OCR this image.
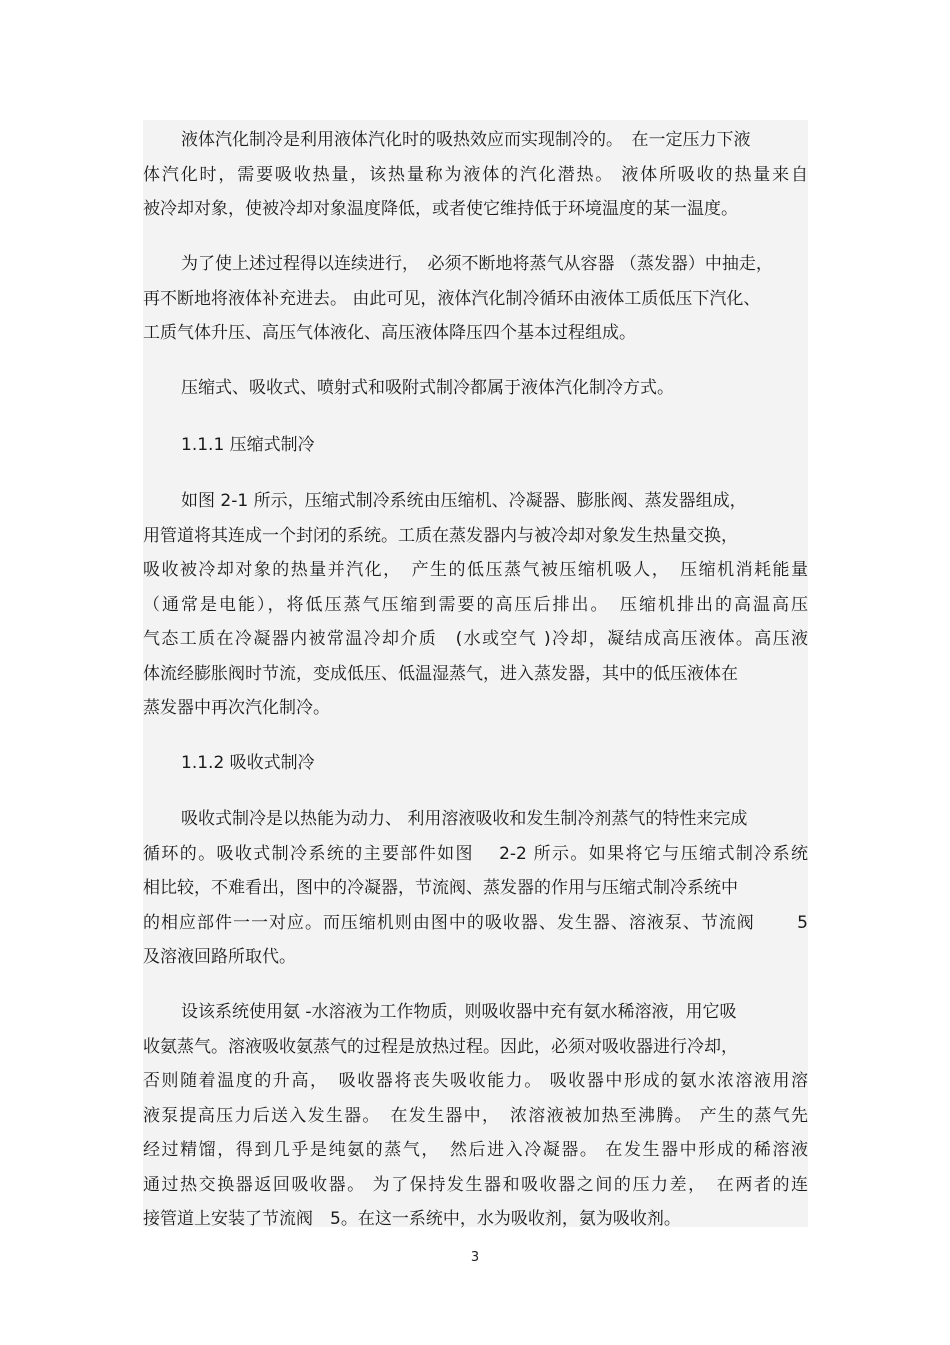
液体汽化制冷是利用液体汽化时的吸热效应而实现制冷的。　在一定压力下液
体汽化时，需要吸收热量，该热量称为液体的汽化潜热。 液体所吸收的热量来自
被冷却对象，使被冷却对象温度降低，或者使它维持低于环境温度的某一温度。
为了使上述过程得以连续进行，　必须不断地将蒸气从容器 （蒸发器）中抽走，
再不断地将液体补充进去。 由此可见，液体汽化制冷循环由液体工质低压下汽化、
工质气体升压、高压气体液化、高压液体降压四个基本过程组成。
压缩式、吸收式、喷射式和吸附式制冷都属于液体汽化制冷方式。
1.1.1 压缩式制冷
如图 2-1 所示，压缩式制冷系统由压缩机、冷凝器、膨胀阀、蒸发器组成，
用管道将其连成一个封闭的系统。工质在蒸发器内与被冷却对象发生热量交换，
吸收被冷却对象的热量并汽化，　产生的低压蒸气被压缩机吸人，　压缩机消耗能量
（通常是电能），将低压蒸气压缩到需要的高压后排出。　压缩机排出的高温高压
气态工质在冷凝器内被常温冷却介质　(水或空气 )冷却，凝结成高压液体。高压液
体流经膨胀阀时节流，变成低压、低温湿蒸气，进入蒸发器，其中的低压液体在
蒸发器中再次汽化制冷。
1.1.2 吸收式制冷
吸收式制冷是以热能为动力、 利用溶液吸收和发生制冷剂蒸气的特性来完成
循环的。吸收式制冷系统的主要部件如图　 2-2 所示。如果将它与压缩式制冷系统
相比较，不难看出，图中的冷凝器，节流阀、蒸发器的作用与压缩式制冷系统中
的相应部件一一对应。而压缩机则由图中的吸收器、发生器、溶液泵、节流阀　　 5
及溶液回路所取代。
设该系统使用氨 -水溶液为工作物质，则吸收器中充有氨水稀溶液，用它吸
收氨蒸气。溶液吸收氨蒸气的过程是放热过程。因此，必须对吸收器进行冷却，
否则随着温度的升高，　吸收器将丧失吸收能力。 吸收器中形成的氨水浓溶液用溶
液泵提高压力后送入发生器。　在发生器中，　浓溶液被加热至沸腾。 产生的蒸气先
经过精馏，得到几乎是纯氨的蒸气，　然后进入冷凝器。 在发生器中形成的稀溶液
通过热交换器返回吸收器。 为了保持发生器和吸收器之间的压力差，　在两者的连
接管道上安装了节流阀　5。在这一系统中，水为吸收剂，氨为吸收剂。
3
